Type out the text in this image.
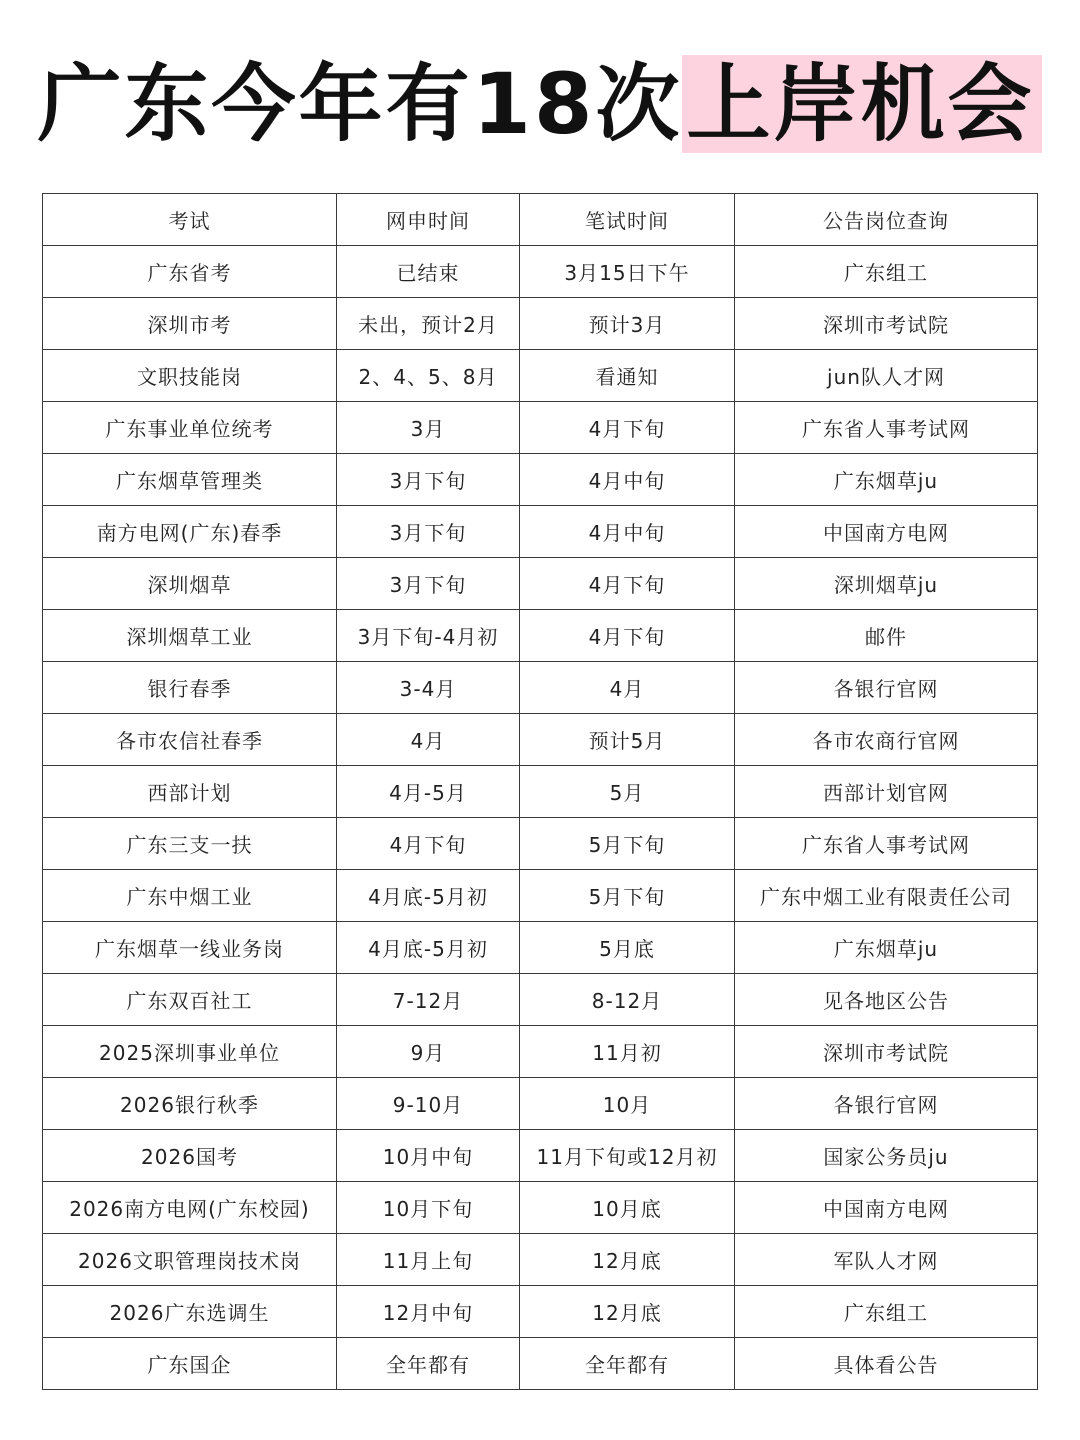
广东今年有18次上岸机会
考试	网申时间	笔试时间	公告岗位查询
广东省考	已结束	3月15日下午	广东组工
深圳市考	未出，预计2月	预计3月	深圳市考试院
文职技能岗	2、4、5、8月	看通知	jun队人才网
广东事业单位统考	3月	4月下旬	广东省人事考试网
广东烟草管理类	3月下旬	4月中旬	广东烟草ju
南方电网(广东)春季	3月下旬	4月中旬	中国南方电网
深圳烟草	3月下旬	4月下旬	深圳烟草ju
深圳烟草工业	3月下旬-4月初	4月下旬	邮件
银行春季	3-4月	4月	各银行官网
各市农信社春季	4月	预计5月	各市农商行官网
西部计划	4月-5月	5月	西部计划官网
广东三支一扶	4月下旬	5月下旬	广东省人事考试网
广东中烟工业	4月底-5月初	5月下旬	广东中烟工业有限责任公司
广东烟草一线业务岗	4月底-5月初	5月底	广东烟草ju
广东双百社工	7-12月	8-12月	见各地区公告
2025深圳事业单位	9月	11月初	深圳市考试院
2026银行秋季	9-10月	10月	各银行官网
2026国考	10月中旬	11月下旬或12月初	国家公务员ju
2026南方电网(广东校园)	10月下旬	10月底	中国南方电网
2026文职管理岗技术岗	11月上旬	12月底	军队人才网
2026广东选调生	12月中旬	12月底	广东组工
广东国企	全年都有	全年都有	具体看公告
